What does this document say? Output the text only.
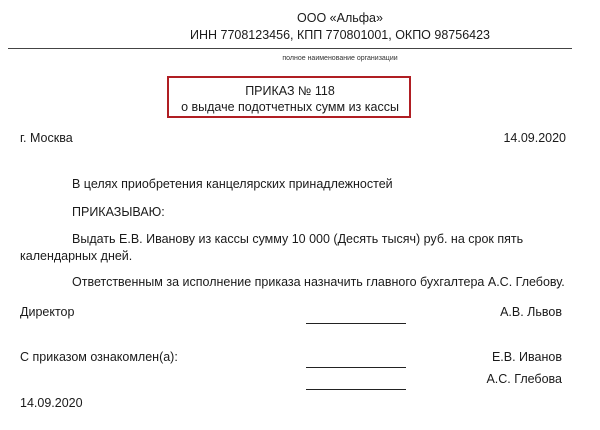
ООО «Альфа»
ИНН 7708123456, КПП 770801001, ОКПО 98756423
полное наименование организации
ПРИКАЗ № 118
о выдаче подотчетных сумм из кассы
г. Москва	14.09.2020
В целях приобретения канцелярских принадлежностей
ПРИКАЗЫВАЮ:
Выдать Е.В. Иванову из кассы сумму 10 000 (Десять тысяч) руб. на срок пять календарных дней.
Ответственным за исполнение приказа назначить главного бухгалтера А.С. Глебову.
Директор	А.В. Львов
С приказом ознакомлен(а):	Е.В. Иванов
А.С. Глебова
14.09.2020
